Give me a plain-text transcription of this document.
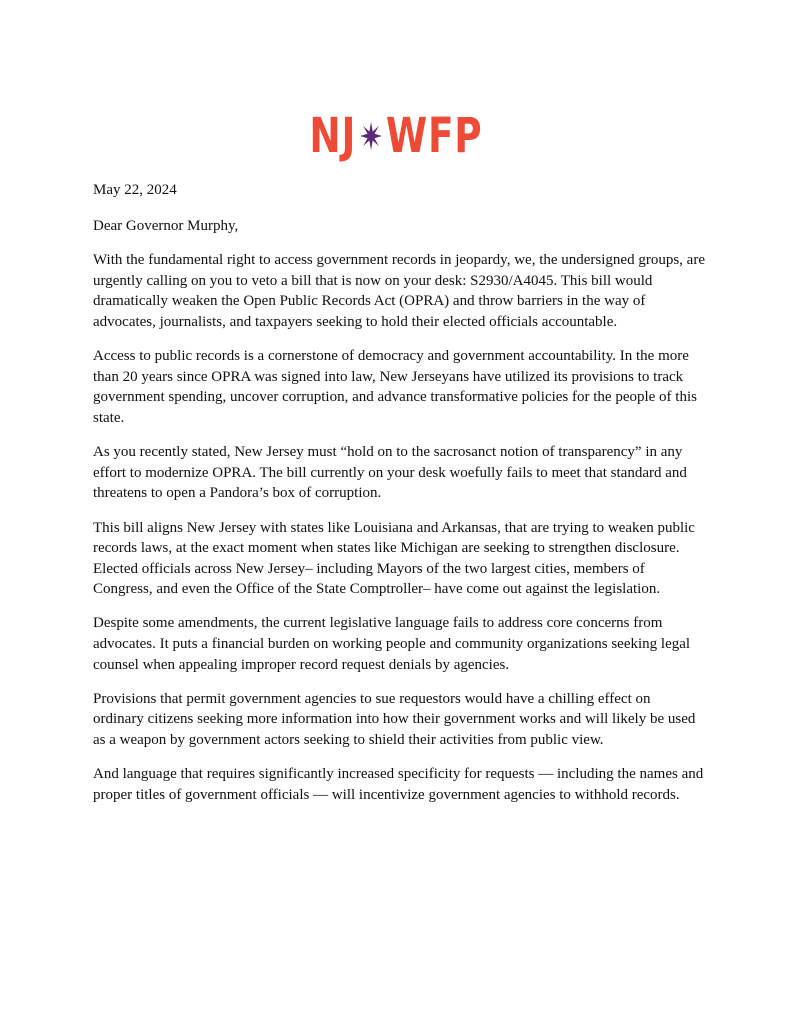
NJ WFP

May 22, 2024

Dear Governor Murphy,

With the fundamental right to access government records in jeopardy, we, the undersigned groups, are urgently calling on you to veto a bill that is now on your desk: S2930/A4045. This bill would dramatically weaken the Open Public Records Act (OPRA) and throw barriers in the way of advocates, journalists, and taxpayers seeking to hold their elected officials accountable.

Access to public records is a cornerstone of democracy and government accountability. In the more than 20 years since OPRA was signed into law, New Jerseyans have utilized its provisions to track government spending, uncover corruption, and advance transformative policies for the people of this state.

As you recently stated, New Jersey must “hold on to the sacrosanct notion of transparency” in any effort to modernize OPRA. The bill currently on your desk woefully fails to meet that standard and threatens to open a Pandora’s box of corruption.

This bill aligns New Jersey with states like Louisiana and Arkansas, that are trying to weaken public records laws, at the exact moment when states like Michigan are seeking to strengthen disclosure. Elected officials across New Jersey– including Mayors of the two largest cities, members of Congress, and even the Office of the State Comptroller– have come out against the legislation.

Despite some amendments, the current legislative language fails to address core concerns from advocates. It puts a financial burden on working people and community organizations seeking legal counsel when appealing improper record request denials by agencies.

Provisions that permit government agencies to sue requestors would have a chilling effect on ordinary citizens seeking more information into how their government works and will likely be used as a weapon by government actors seeking to shield their activities from public view.

And language that requires significantly increased specificity for requests — including the names and proper titles of government officials — will incentivize government agencies to withhold records.
